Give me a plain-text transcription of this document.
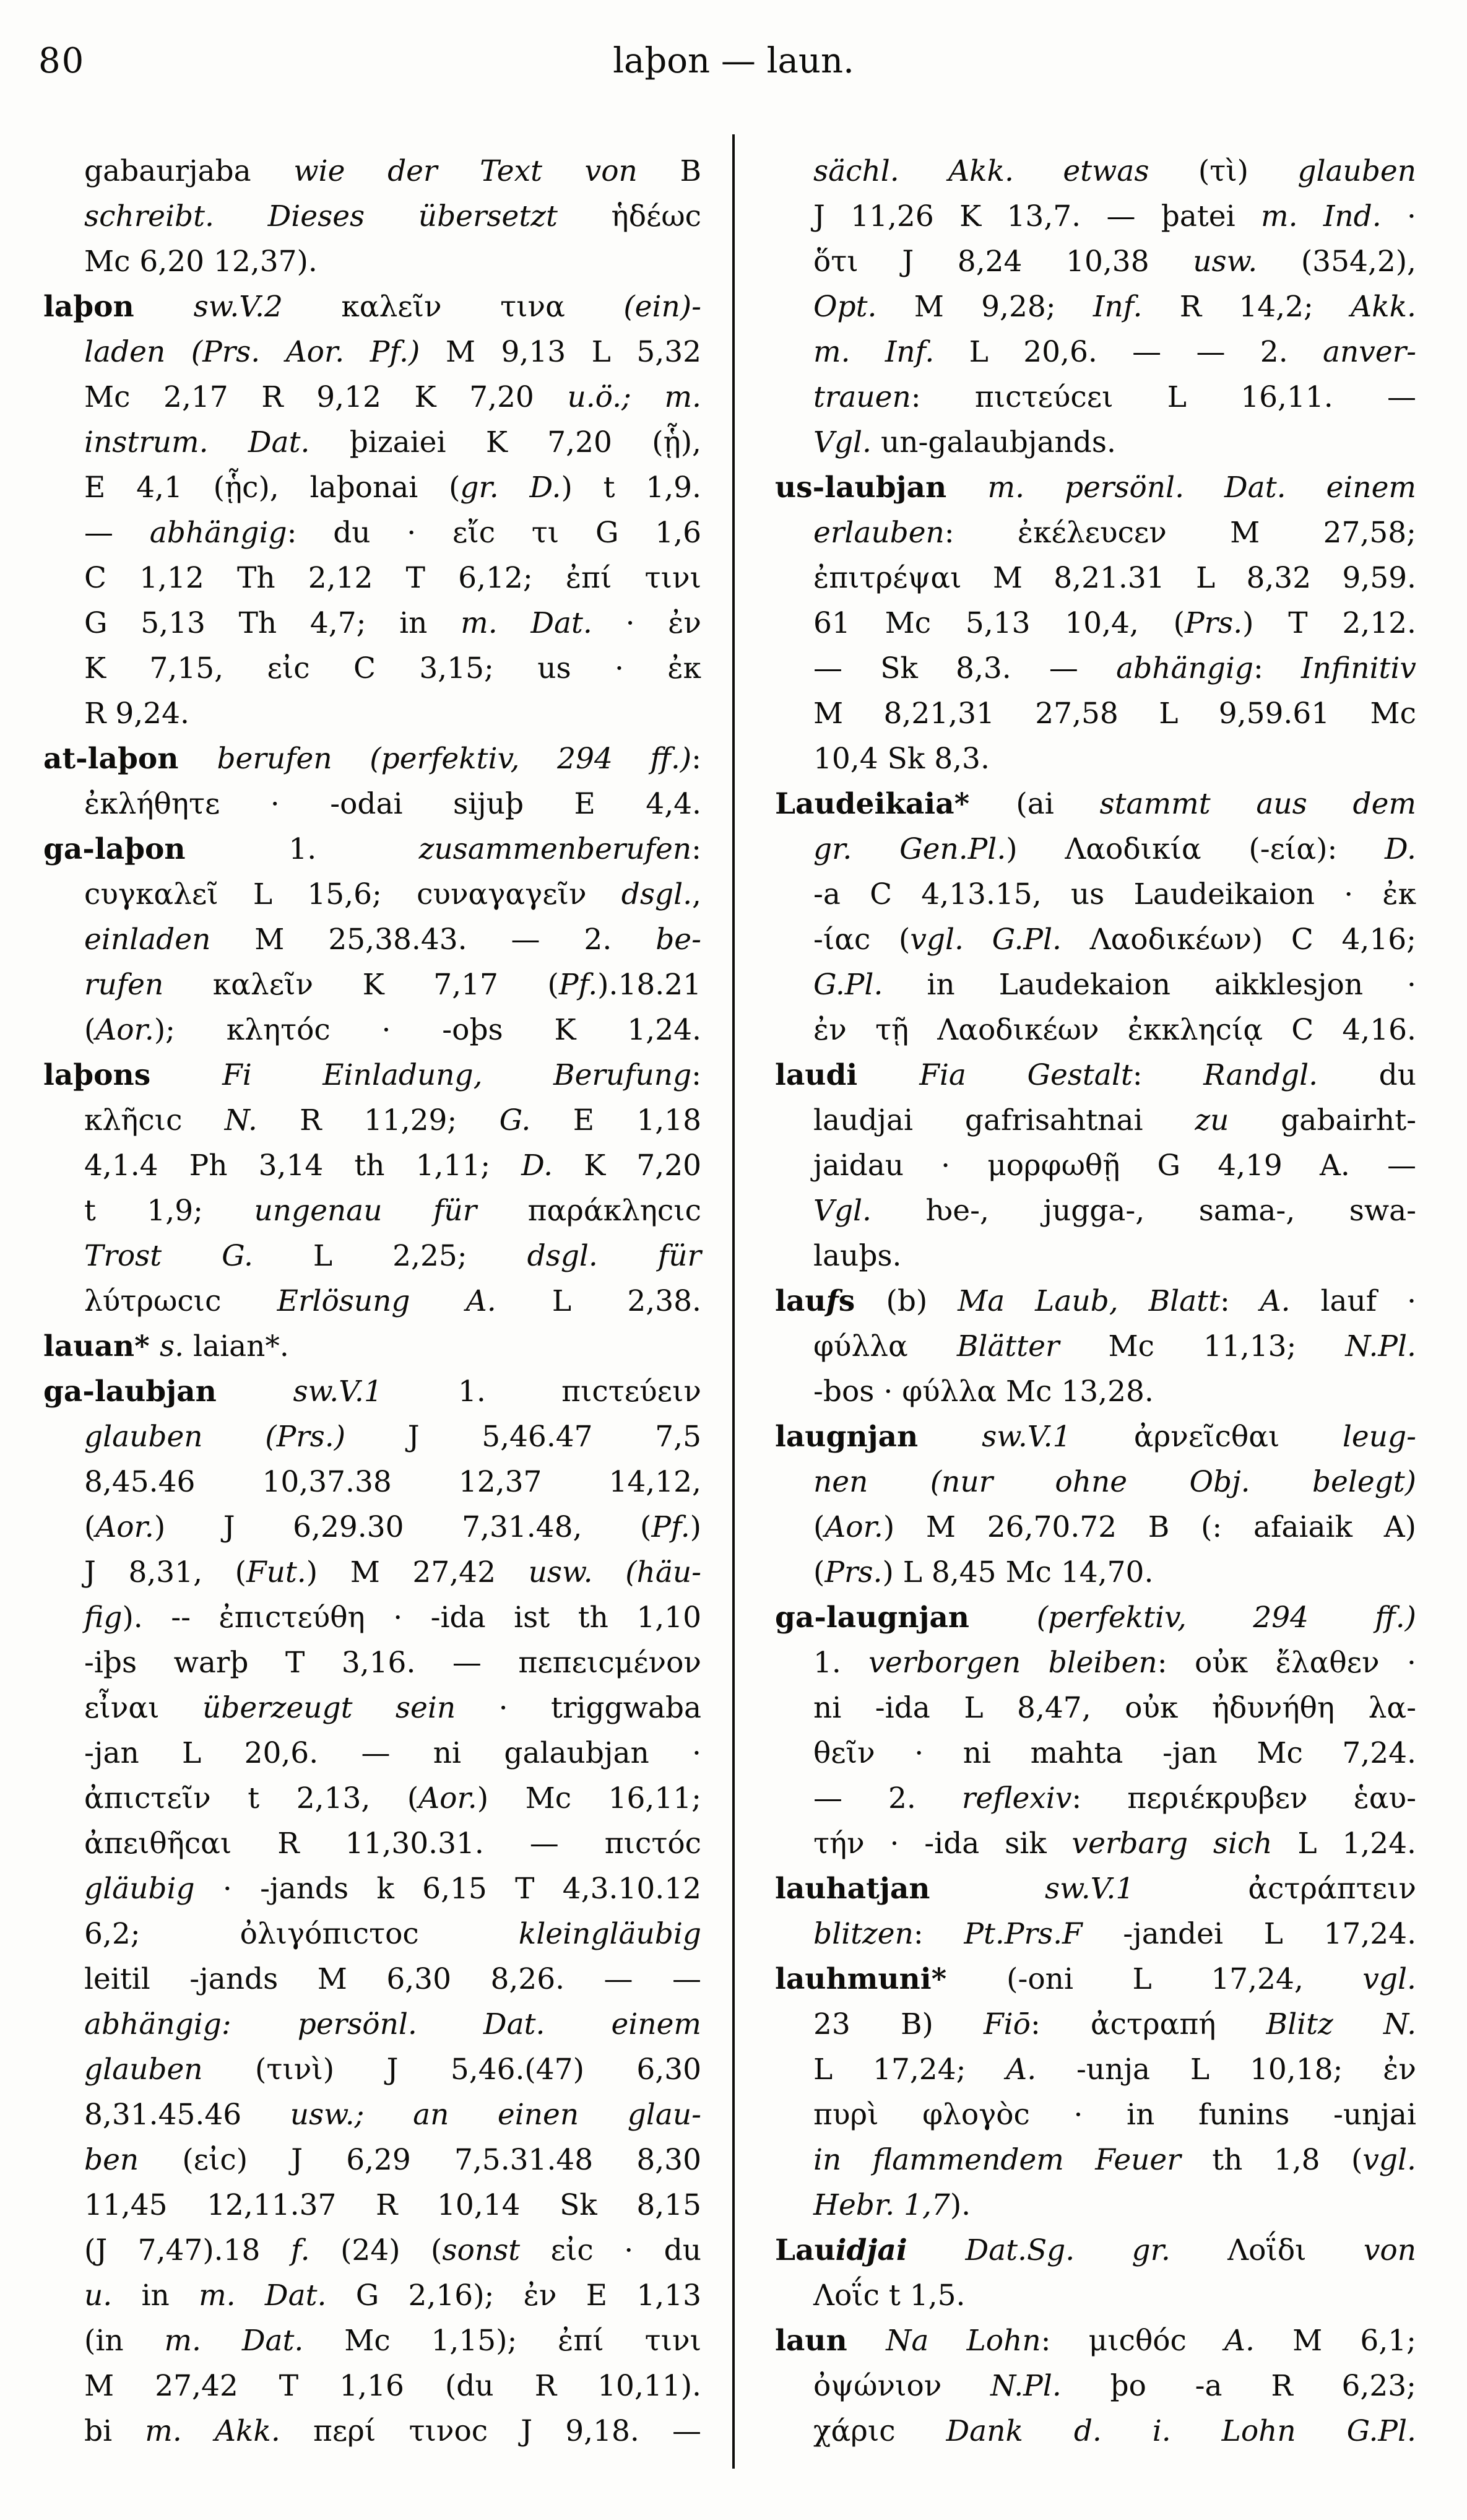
80	laþon — laun.
gabaurjaba wie der Text von B
schreibt. Dieses übersetzt ἡδέωc
Mc 6,20 12,37).
laþon sw.V.2 καλεῖν τινα (ein)-
laden (Prs. Aor. Pf.) M 9,13 L 5,32
Mc 2,17 R 9,12 K 7,20 u.ö.; m.
instrum. Dat. þizaiei K 7,20 (ᾗ),
E 4,1 (ᾗc), laþonai (gr. D.) t 1,9.
— abhängig: du · εἴc τι G 1,6
C 1,12 Th 2,12 T 6,12; ἐπί τινι
G 5,13 Th 4,7; in m. Dat. · ἐν
K 7,15, εἰc C 3,15; us · ἐκ
R 9,24.
at-laþon berufen (perfektiv, 294 ff.):
ἐκλήθητε · -odai sijuþ E 4,4.
ga-laþon 1. zusammenberufen:
cυγκαλεῖ L 15,6; cυναγαγεῖν dsgl.,
einladen M 25,38.43. — 2. be-
rufen καλεῖν K 7,17 (Pf.).18.21
(Aor.); κλητόc · -oþs K 1,24.
laþons Fi Einladung, Berufung:
κλῆcιc N. R 11,29; G. E 1,18
4,1.4 Ph 3,14 th 1,11; D. K 7,20
t 1,9; ungenau für παράκληcιc
Trost G. L 2,25; dsgl. für
λύτρωcιc Erlösung A. L 2,38.
lauan* s. laian*.
ga-laubjan sw.V.1 1. πιcτεύειν
glauben (Prs.) J 5,46.47 7,5
8,45.46 10,37.38 12,37 14,12,
(Aor.) J 6,29.30 7,31.48, (Pf.)
J 8,31, (Fut.) M 27,42 usw. (häu-
fig). -- ἐπιcτεύθη · -ida ist th 1,10
-iþs warþ T 3,16. — πεπειcμένον
εἶναι überzeugt sein · triggwaba
-jan L 20,6. — ni galaubjan ·
ἀπιcτεῖν t 2,13, (Aor.) Mc 16,11;
ἀπειθῆcαι R 11,30.31. — πιcτόc
gläubig · -jands k 6,15 T 4,3.10.12
6,2; ὀλιγόπιcτοc kleingläubig
leitil -jands M 6,30 8,26. — —
abhängig: persönl. Dat. einem
glauben (τινὶ) J 5,46.(47) 6,30
8,31.45.46 usw.; an einen glau-
ben (εἰc) J 6,29 7,5.31.48 8,30
11,45 12,11.37 R 10,14 Sk 8,15
(J 7,47).18 f. (24) (sonst εἰc · du
u. in m. Dat. G 2,16); ἐν E 1,13
(in m. Dat. Mc 1,15); ἐπί τινι
M 27,42 T 1,16 (du R 10,11).
bi m. Akk. περί τινοc J 9,18. —
sächl. Akk. etwas (τὶ) glauben
J 11,26 K 13,7. — þatei m. Ind. ·
ὅτι J 8,24 10,38 usw. (354,2),
Opt. M 9,28; Inf. R 14,2; Akk.
m. Inf. L 20,6. — — 2. anver-
trauen: πιcτεύcει L 16,11. —
Vgl. un-galaubjands.
us-laubjan m. persönl. Dat. einem
erlauben: ἐκέλευcεν M 27,58;
ἐπιτρέψαι M 8,21.31 L 8,32 9,59.
61 Mc 5,13 10,4, (Prs.) T 2,12.
— Sk 8,3. — abhängig: Infinitiv
M 8,21,31 27,58 L 9,59.61 Mc
10,4 Sk 8,3.
Laudeikaia* (ai stammt aus dem
gr. Gen.Pl.) Λαοδικία (-εία): D.
-a C 4,13.15, us Laudeikaion · ἐκ
-ίαc (vgl. G.Pl. Λαοδικέων) C 4,16;
G.Pl. in Laudekaion aikklesjon ·
ἐν τῇ Λαοδικέων ἐκκληcίᾳ C 4,16.
laudi Fia Gestalt: Randgl. du
laudjai gafrisahtnai zu gabairht-
jaidau · μορφωθῇ G 4,19 A. —
Vgl. ƕe-, jugga-, sama-, swa-
lauþs.
laufs (b) Ma Laub, Blatt: A. lauf ·
φύλλα Blätter Mc 11,13; N.Pl.
-bos · φύλλα Mc 13,28.
laugnjan sw.V.1 ἀρνεῖcθαι leug-
nen (nur ohne Obj. belegt)
(Aor.) M 26,70.72 B (: afaiaik A)
(Prs.) L 8,45 Mc 14,70.
ga-laugnjan (perfektiv, 294 ff.)
1. verborgen bleiben: οὐκ ἔλαθεν ·
ni -ida L 8,47, οὐκ ἠδυνήθη λα-
θεῖν · ni mahta -jan Mc 7,24.
— 2. reflexiv: περιέκρυβεν ἑαυ-
τήν · -ida sik verbarg sich L 1,24.
lauhatjan sw.V.1 ἀcτράπτειν
blitzen: Pt.Prs.F -jandei L 17,24.
lauhmuni* (-oni L 17,24, vgl.
23 B) Fiō: ἀcτραπή Blitz N.
L 17,24; A. -unja L 10,18; ἐν
πυρὶ φλογὸc · in funins -unjai
in flammendem Feuer th 1,8 (vgl.
Hebr. 1,7).
Lauidjai Dat.Sg. gr. Λοΐδι von
Λοΐc t 1,5.
laun Na Lohn: μιcθόc A. M 6,1;
ὀψώνιον N.Pl. þo -a R 6,23;
χάριc Dank d. i. Lohn G.Pl.
